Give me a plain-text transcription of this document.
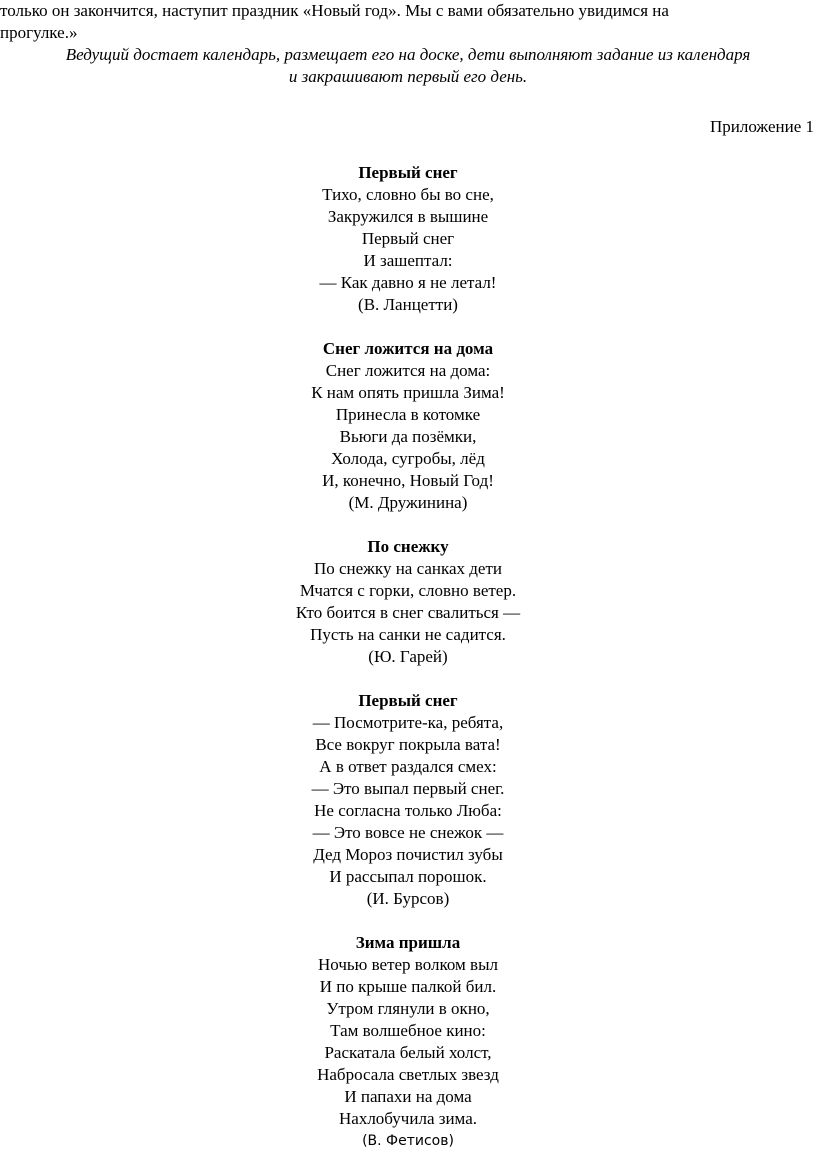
только он закончится, наступит праздник «Новый год». Мы с вами обязательно увидимся на

прогулке.»

Ведущий достает календарь, размещает его на доске, дети выполняют задание из календаря

и закрашивают первый его день.

Приложение 1
Первый снег
Тихо, словно бы во сне,
Закружился в вышине
Первый снег
И зашептал:
— Как давно я не летал!
(В. Ланцетти)
Снег ложится на дома
Снег ложится на дома:
К нам опять пришла Зима!
Принесла в котомке
Вьюги да позёмки,
Холода, сугробы, лёд
И, конечно, Новый Год!
(М. Дружинина)
По снежку
По снежку на санках дети
Мчатся с горки, словно ветер.
Кто боится в снег свалиться —
Пусть на санки не садится.
(Ю. Гарей)
Первый снег
— Посмотрите-ка, ребята,
Все вокруг покрыла вата!
А в ответ раздался смех:
— Это выпал первый снег.
Не согласна только Люба:
— Это вовсе не снежок —
Дед Мороз почистил зубы
И рассыпал порошок.
(И. Бурсов)
Зима пришла
Ночью ветер волком выл
И по крыше палкой бил.
Утром глянули в окно,
Там волшебное кино:
Раскатала белый холст,
Набросала светлых звезд
И папахи на дома
Нахлобучила зима.
(В. Фетисов)
